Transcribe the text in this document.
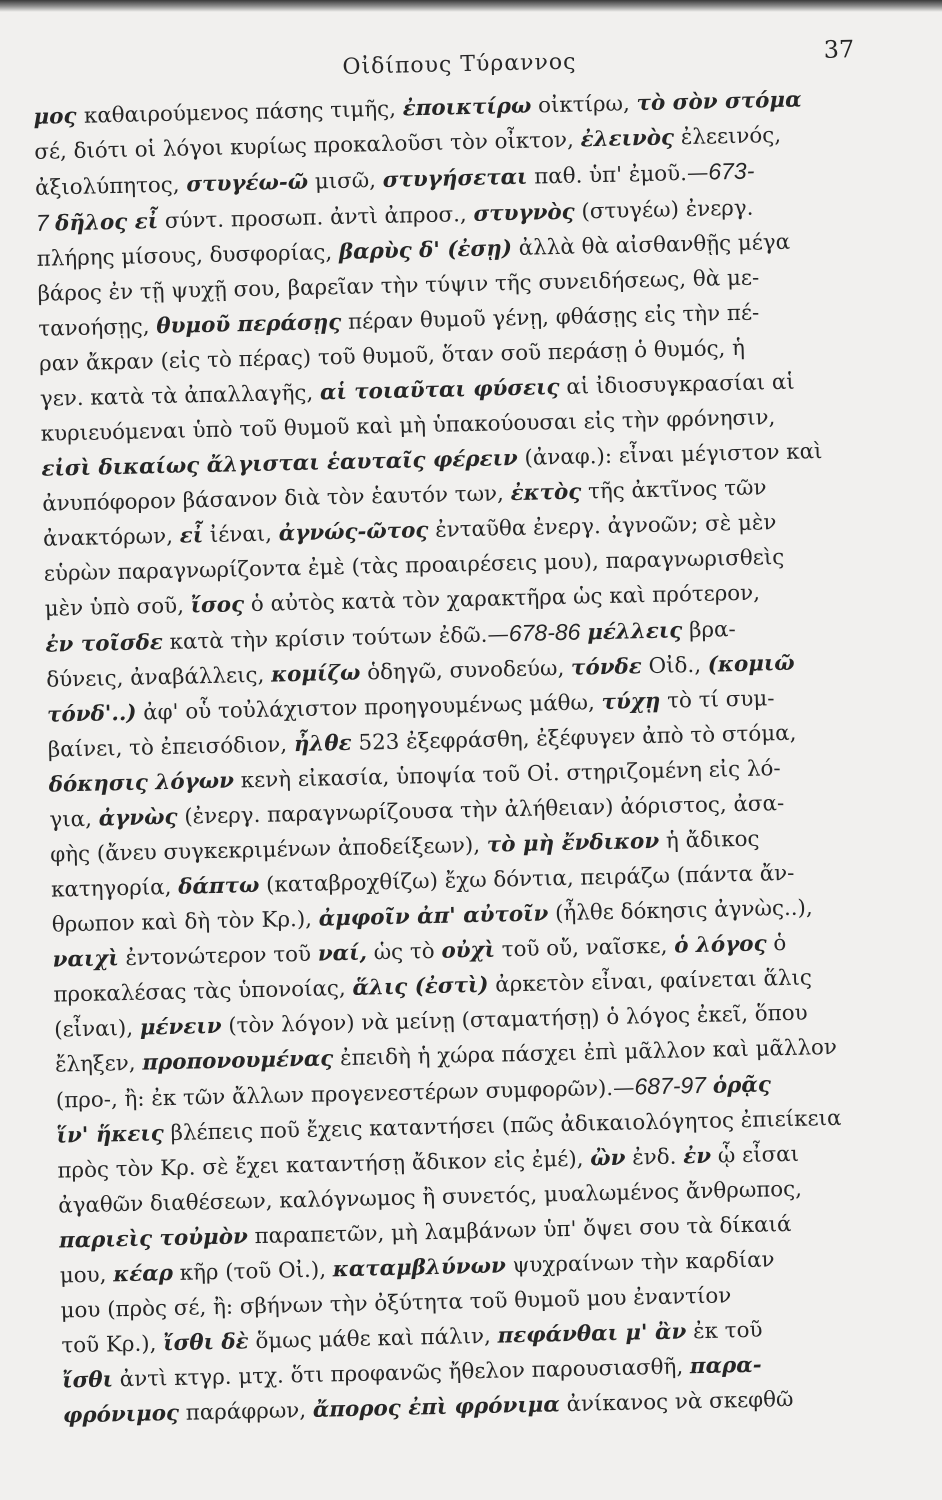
Οἰδίπους Τύραννος	37
μος καθαιρούμενος πάσης τιμῆς, ἐποικτίρω οἰκτίρω, τὸ σὸν στόμα
σέ, διότι οἱ λόγοι κυρίως προκαλοῦσι τὸν οἶκτον, ἐλεινὸς ἐλεεινός,
ἀξιολύπητος, στυγέω-ῶ μισῶ, στυγήσεται παθ. ὑπ' ἐμοῦ.—673-
7 δῆλος εἶ σύντ. προσωπ. ἀντὶ ἀπροσ., στυγνὸς (στυγέω) ἐνεργ.
πλήρης μίσους, δυσφορίας, βαρὺς δ' (ἐσῃ) ἀλλὰ θὰ αἰσθανθῇς μέγα
βάρος ἐν τῇ ψυχῇ σου, βαρεῖαν τὴν τύψιν τῆς συνειδήσεως, θὰ με-
τανοήσῃς, θυμοῦ περάσῃς πέραν θυμοῦ γένῃ, φθάσῃς εἰς τὴν πέ-
ραν ἄκραν (εἰς τὸ πέρας) τοῦ θυμοῦ, ὅταν σοῦ περάσῃ ὁ θυμός, ἡ
γεν. κατὰ τὰ ἀπαλλαγῆς, αἱ τοιαῦται φύσεις αἱ ἰδιοσυγκρασίαι αἱ
κυριευόμεναι ὑπὸ τοῦ θυμοῦ καὶ μὴ ὑπακούουσαι εἰς τὴν φρόνησιν,
εἰσὶ δικαίως ἄλγισται ἑαυταῖς φέρειν (ἀναφ.): εἶναι μέγιστον καὶ
ἀνυπόφορον βάσανον διὰ τὸν ἑαυτόν των, ἐκτὸς τῆς ἀκτῖνος τῶν
ἀνακτόρων, εἶ ἰέναι, ἀγνώς-ῶτος ἐνταῦθα ἐνεργ. ἀγνοῶν; σὲ μὲν
εὑρὼν παραγνωρίζοντα ἐμὲ (τὰς προαιρέσεις μου), παραγνωρισθεὶς
μὲν ὑπὸ σοῦ, ἴσος ὁ αὐτὸς κατὰ τὸν χαρακτῆρα ὡς καὶ πρότερον,
ἐν τοῖσδε κατὰ τὴν κρίσιν τούτων ἐδῶ.—678-86 μέλλεις βρα-
δύνεις, ἀναβάλλεις, κομίζω ὁδηγῶ, συνοδεύω, τόνδε Οἰδ., (κομιῶ
τόνδ'..) ἀφ' οὗ τοὐλάχιστον προηγουμένως μάθω, τύχῃ τὸ τί συμ-
βαίνει, τὸ ἐπεισόδιον, ἦλθε 523 ἐξεφράσθη, ἐξέφυγεν ἀπὸ τὸ στόμα,
δόκησις λόγων κενὴ εἰκασία, ὑποψία τοῦ Οἰ. στηριζομένη εἰς λό-
για, ἀγνὼς (ἐνεργ. παραγνωρίζουσα τὴν ἀλήθειαν) ἀόριστος, ἀσα-
φὴς (ἄνευ συγκεκριμένων ἀποδείξεων), τὸ μὴ ἔνδικον ἡ ἄδικος
κατηγορία, δάπτω (καταβροχθίζω) ἔχω δόντια, πειράζω (πάντα ἄν-
θρωπον καὶ δὴ τὸν Κρ.), ἀμφοῖν ἀπ' αὐτοῖν (ἦλθε δόκησις ἀγνὼς..),
ναιχὶ ἐντονώτερον τοῦ ναί, ὡς τὸ οὐχὶ τοῦ οὔ, ναῖσκε, ὁ λόγος ὁ
προκαλέσας τὰς ὑπονοίας, ἅλις (ἐστὶ) ἀρκετὸν εἶναι, φαίνεται ἅλις
(εἶναι), μένειν (τὸν λόγον) νὰ μείνῃ (σταματήσῃ) ὁ λόγος ἐκεῖ, ὅπου
ἔληξεν, προπονουμένας ἐπειδὴ ἡ χώρα πάσχει ἐπὶ μᾶλλον καὶ μᾶλλον
(προ-, ἢ: ἐκ τῶν ἄλλων προγενεστέρων συμφορῶν).—687-97 ὁρᾷς
ἵν' ἥκεις βλέπεις ποῦ ἔχεις καταντήσει (πῶς ἀδικαιολόγητος ἐπιείκεια
πρὸς τὸν Κρ. σὲ ἔχει καταντήσῃ ἄδικον εἰς ἐμέ), ὢν ἐνδ. ἐν ᾧ εἶσαι
ἀγαθῶν διαθέσεων, καλόγνωμος ἢ συνετός, μυαλωμένος ἄνθρωπος,
παριεὶς τοὐμὸν παραπετῶν, μὴ λαμβάνων ὑπ' ὄψει σου τὰ δίκαιά
μου, κέαρ κῆρ (τοῦ Οἰ.), καταμβλύνων ψυχραίνων τὴν καρδίαν
μου (πρὸς σέ, ἢ: σβήνων τὴν ὀξύτητα τοῦ θυμοῦ μου ἐναντίον
τοῦ Κρ.), ἴσθι δὲ ὅμως μάθε καὶ πάλιν, πεφάνθαι μ' ἂν ἐκ τοῦ
ἴσθι ἀντὶ κτγρ. μτχ. ὅτι προφανῶς ἤθελον παρουσιασθῆ, παρα-
φρόνιμος παράφρων, ἄπορος ἐπὶ φρόνιμα ἀνίκανος νὰ σκεφθῶ
